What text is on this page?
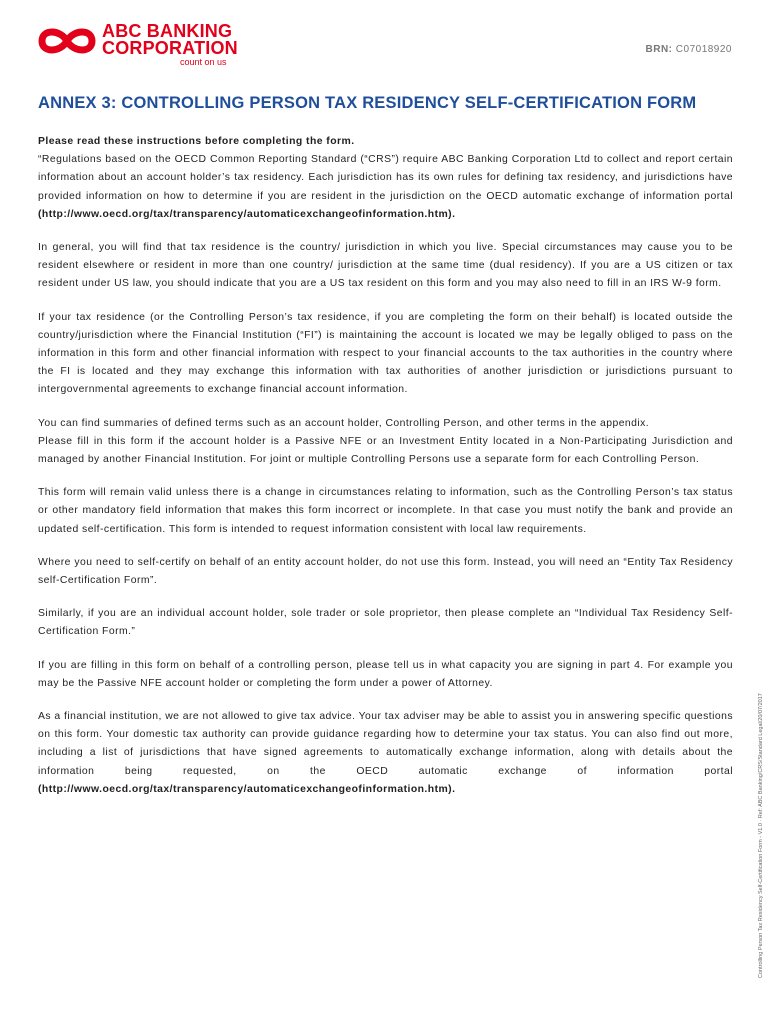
ABC BANKING
CORPORATION
count on us
BRN: C07018920
ANNEX 3: CONTROLLING PERSON TAX RESIDENCY SELF-CERTIFICATION FORM

Please read these instructions before completing the form.

“Regulations based on the OECD Common Reporting Standard (“CRS”) require ABC Banking Corporation Ltd to collect and report certain information about an account holder’s tax residency. Each jurisdiction has its own rules for defining tax residency, and jurisdictions have provided information on how to determine if you are resident in the jurisdiction on the OECD automatic exchange of information portal (http://www.oecd.org/tax/transparency/automaticexchangeofinformation.htm).

In general, you will find that tax residence is the country/ jurisdiction in which you live. Special circumstances may cause you to be resident elsewhere or resident in more than one country/ jurisdiction at the same time (dual residency). If you are a US citizen or tax resident under US law, you should indicate that you are a US tax resident on this form and you may also need to fill in an IRS W-9 form.

If your tax residence (or the Controlling Person’s tax residence, if you are completing the form on their behalf) is located outside the country/jurisdiction where the Financial Institution (“FI”) is maintaining the account is located we may be legally obliged to pass on the information in this form and other financial information with respect to your financial accounts to the tax authorities in the country where the FI is located and they may exchange this information with tax authorities of another jurisdiction or jurisdictions pursuant to intergovernmental agreements to exchange financial account information.

You can find summaries of defined terms such as an account holder, Controlling Person, and other terms in the appendix.

Please fill in this form if the account holder is a Passive NFE or an Investment Entity located in a Non-Participating Jurisdiction and managed by another Financial Institution. For joint or multiple Controlling Persons use a separate form for each Controlling Person.

This form will remain valid unless there is a change in circumstances relating to information, such as the Controlling Person’s tax status or other mandatory field information that makes this form incorrect or incomplete. In that case you must notify the bank and provide an updated self-certification. This form is intended to request information consistent with local law requirements.

Where you need to self-certify on behalf of an entity account holder, do not use this form. Instead, you will need an “Entity Tax Residency self-Certification Form”.

Similarly, if you are an individual account holder, sole trader or sole proprietor, then please complete an “Individual Tax Residency Self-Certification Form.”

If you are filling in this form on behalf of a controlling person, please tell us in what capacity you are signing in part 4. For example you may be the Passive NFE account holder or completing the form under a power of Attorney.

As a financial institution, we are not allowed to give tax advice. Your tax adviser may be able to assist you in answering specific questions on this form. Your domestic tax authority can provide guidance regarding how to determine your tax status. You can also find out more, including a list of jurisdictions that have signed agreements to automatically exchange information, along with details about the information being requested, on the OECD automatic exchange of information portal (http://www.oecd.org/tax/transparency/automaticexchangeofinformation.htm).	Controlling Person Tax Residency Self-Certification Form - V1.0 · Ref: ABC Banking/CRS/Standard Legal/20/07/2017
